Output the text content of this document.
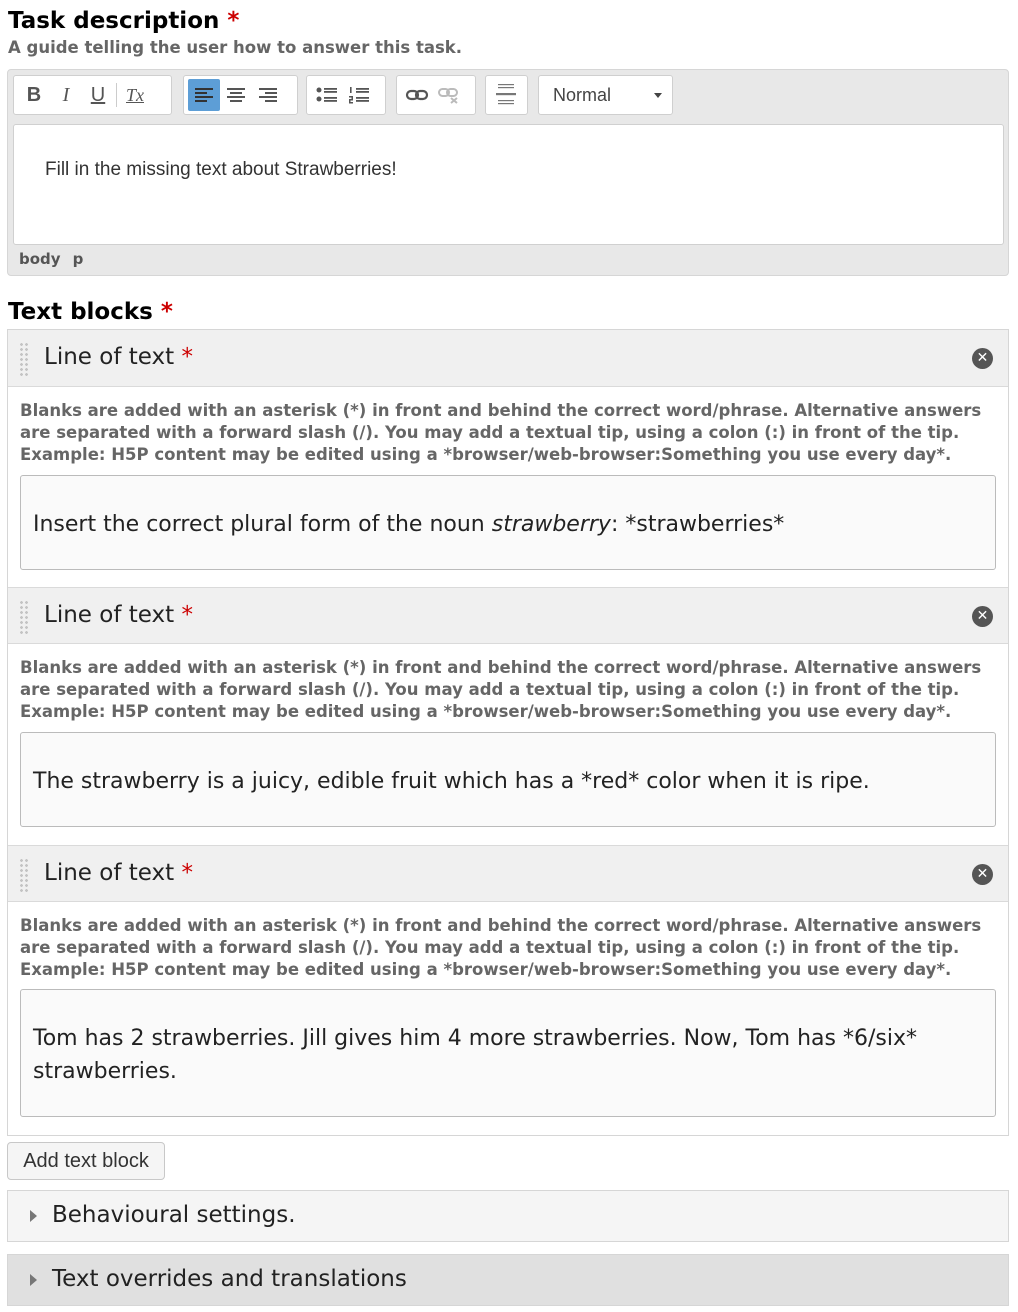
Task description *
A guide telling the user how to answer this task.
B	I	U	Tx	Normal
Fill in the missing text about Strawberries!
body p
Text blocks *
Line of text *	✕
Blanks are added with an asterisk (*) in front and behind the correct word/phrase. Alternative answers are separated with a forward slash (/). You may add a textual tip, using a colon (:) in front of the tip. Example: H5P content may be edited using a *browser/web-browser:Something you use every day*.
Insert the correct plural form of the noun strawberry: *strawberries*
Line of text *	✕
Blanks are added with an asterisk (*) in front and behind the correct word/phrase. Alternative answers are separated with a forward slash (/). You may add a textual tip, using a colon (:) in front of the tip. Example: H5P content may be edited using a *browser/web-browser:Something you use every day*.
The strawberry is a juicy, edible fruit which has a *red* color when it is ripe.
Line of text *	✕
Blanks are added with an asterisk (*) in front and behind the correct word/phrase. Alternative answers are separated with a forward slash (/). You may add a textual tip, using a colon (:) in front of the tip. Example: H5P content may be edited using a *browser/web-browser:Something you use every day*.
Tom has 2 strawberries. Jill gives him 4 more strawberries. Now, Tom has *6/six* strawberries.
Add text block
Behavioural settings.
Text overrides and translations
